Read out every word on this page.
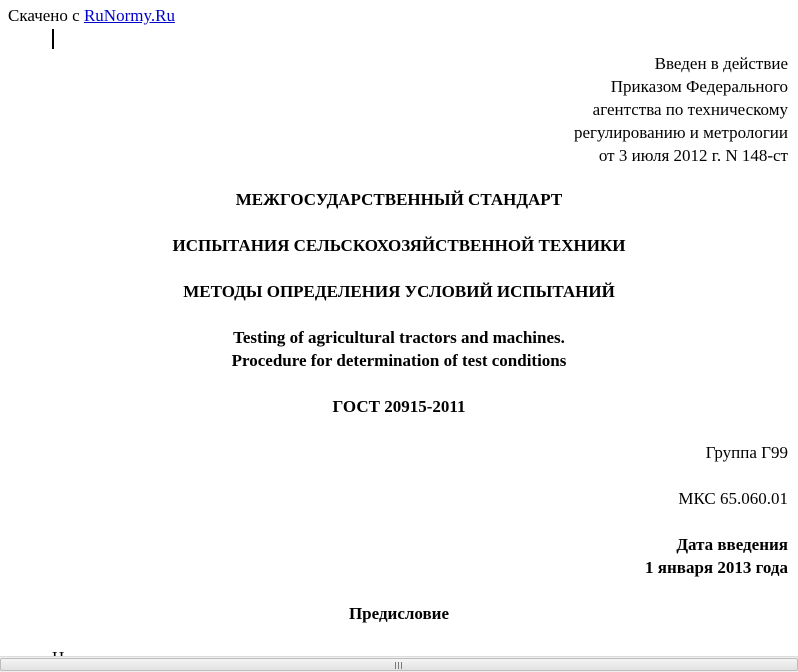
Скачено с RuNormy.Ru
Введен в действие
Приказом Федерального
агентства по техническому
регулированию и метрологии
от 3 июля 2012 г. N 148-ст
МЕЖГОСУДАРСТВЕННЫЙ СТАНДАРТ
ИСПЫТАНИЯ СЕЛЬСКОХОЗЯЙСТВЕННОЙ ТЕХНИКИ
МЕТОДЫ ОПРЕДЕЛЕНИЯ УСЛОВИЙ ИСПЫТАНИЙ
Testing of agricultural tractors and machines.
Procedure for determination of test conditions
ГОСТ 20915-2011
Группа Г99
МКС 65.060.01
Дата введения
1 января 2013 года
Предисловие
